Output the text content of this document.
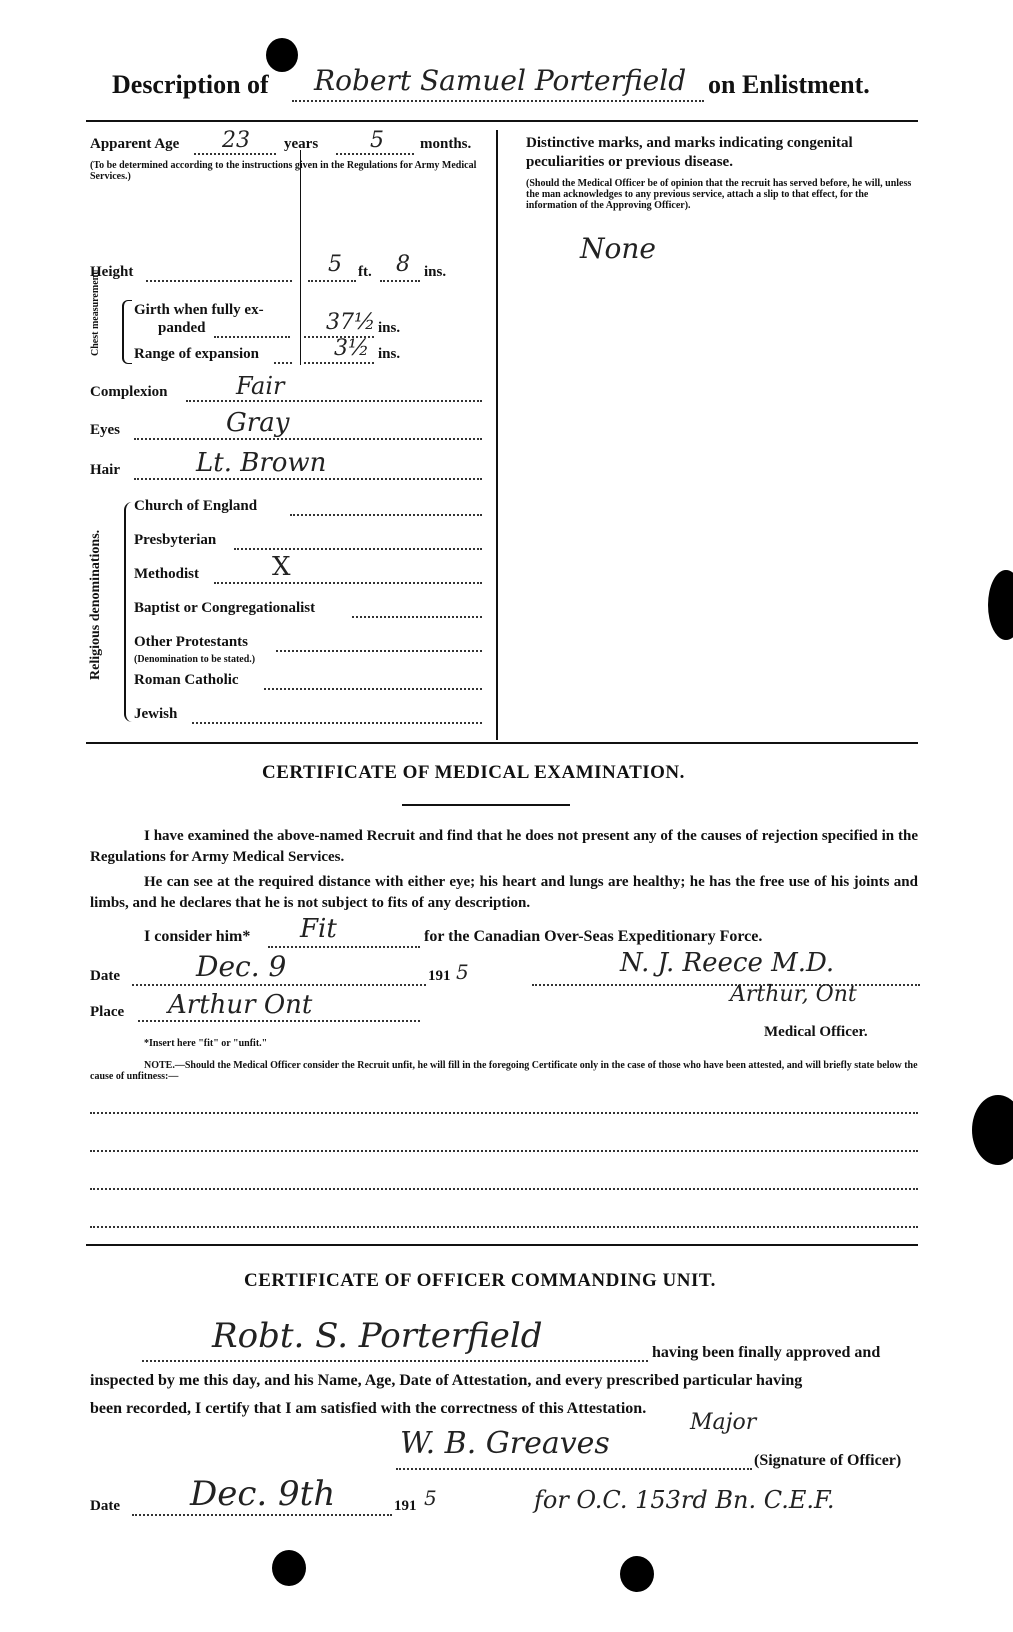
Description of Robert Samuel Porterfield on Enlistment.
Apparent Age 23 years 5 months.
(To be determined according to the instructions given in the Regulations for Army Medical Services.)
Height	5 ft. 8 ins.
Chest measurement Girth when fully ex-
panded	37½ ins.
Range of expansion	3½ ins.
Complexion	Fair
Eyes	Gray
Hair	Lt. Brown
Religious denominations.
Church of England
Presbyterian
Methodist	X
Baptist or Congregationalist
Other Protestants
(Denomination to be stated.)
Roman Catholic
Jewish
Distinctive marks, and marks indicating congenital peculiarities or previous disease.
(Should the Medical Officer be of opinion that the recruit has served before, he will, unless the man acknowledges to any previous service, attach a slip to that effect, for the information of the Approving Officer).
None
CERTIFICATE OF MEDICAL EXAMINATION.
I have examined the above-named Recruit and find that he does not present any of the causes of rejection specified in the Regulations for Army Medical Services.
He can see at the required distance with either eye; his heart and lungs are healthy; he has the free use of his joints and limbs, and he declares that he is not subject to fits of any description.
I consider him* Fit	for the Canadian Over-Seas Expeditionary Force.
Date	Dec. 9	191 5	N. J. Reece M.D.
Place Arthur Ont	Arthur, Ont
*Insert here "fit" or "unfit."
Medical Officer.
NOTE.—Should the Medical Officer consider the Recruit unfit, he will fill in the foregoing Certificate only in the case of those who have been attested, and will briefly state below the cause of unfitness:—
CERTIFICATE OF OFFICER COMMANDING UNIT.
Robt. S. Porterfield	having been finally approved and
inspected by me this day, and his Name, Age, Date of Attestation, and every prescribed particular having
been recorded, I certify that I am satisfied with the correctness of this Attestation.
Major
W. B. Greaves	(Signature of Officer)
Date Dec. 9th	191 5	for O.C. 153rd Bn. C.E.F.
